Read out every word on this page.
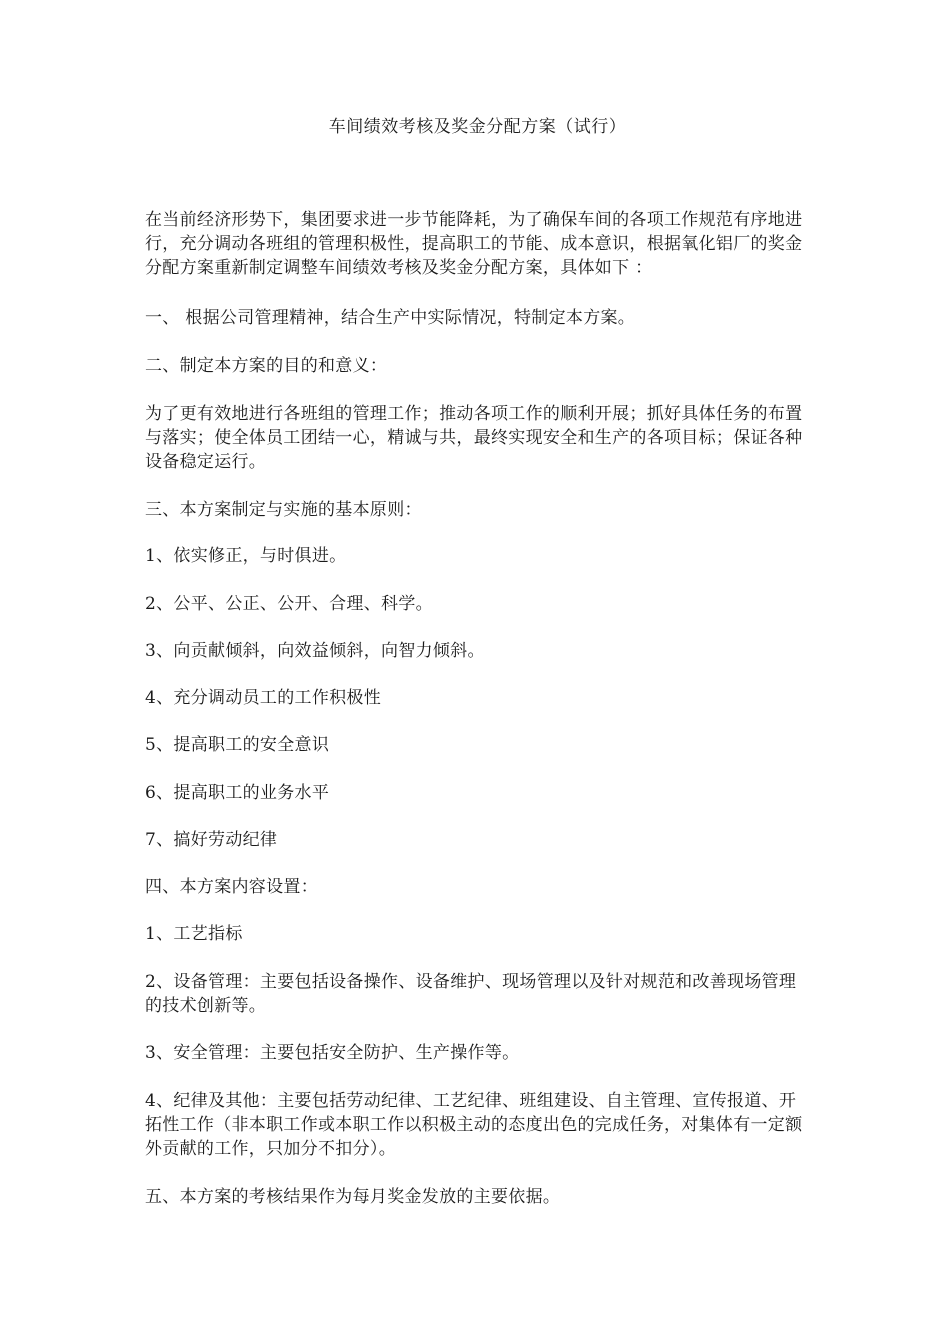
车间绩效考核及奖金分配方案（试行）

在当前经济形势下，集团要求进一步节能降耗，为了确保车间的各项工作规范有序地进行，充分调动各班组的管理积极性，提高职工的节能、成本意识，根据氧化铝厂的奖金分配方案重新制定调整车间绩效考核及奖金分配方案，具体如下 ：

一、 根据公司管理精神，结合生产中实际情况，特制定本方案。

二、制定本方案的目的和意义：

为了更有效地进行各班组的管理工作；推动各项工作的顺利开展；抓好具体任务的布置与落实；使全体员工团结一心，精诚与共，最终实现安全和生产的各项目标；保证各种设备稳定运行。

三、本方案制定与实施的基本原则：

1、依实修正，与时俱进。

2、公平、公正、公开、合理、科学。

3、向贡献倾斜，向效益倾斜，向智力倾斜。

4、充分调动员工的工作积极性

5、提高职工的安全意识

6、提高职工的业务水平

7、搞好劳动纪律

四、本方案内容设置：

1、工艺指标

2、设备管理：主要包括设备操作、设备维护、现场管理以及针对规范和改善现场管理的技术创新等。

3、安全管理：主要包括安全防护、生产操作等。

4、纪律及其他：主要包括劳动纪律、工艺纪律、班组建设、自主管理、宣传报道、开拓性工作（非本职工作或本职工作以积极主动的态度出色的完成任务，对集体有一定额外贡献的工作，只加分不扣分）。

五、本方案的考核结果作为每月奖金发放的主要依据。
